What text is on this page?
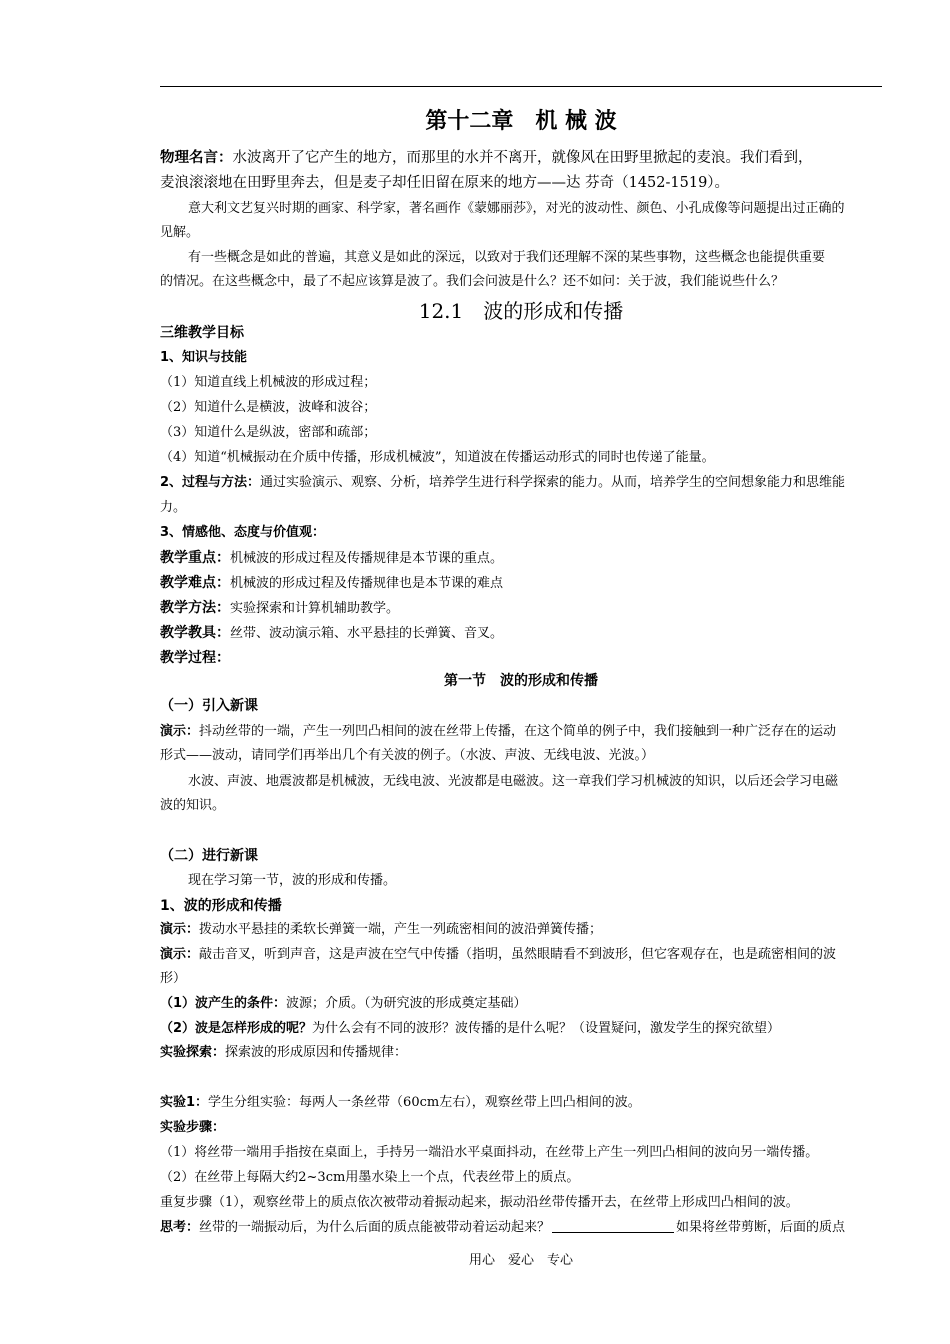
第十二章　机 械 波
物理名言：水波离开了它产生的地方，而那里的水并不离开，就像风在田野里掀起的麦浪。我们看到，
麦浪滚滚地在田野里奔去，但是麦子却任旧留在原来的地方——达 芬奇（1452-1519）。
意大利文艺复兴时期的画家、科学家，著名画作《蒙娜丽莎》，对光的波动性、颜色、小孔成像等问题提出过正确的
见解。
有一些概念是如此的普遍，其意义是如此的深远，以致对于我们还理解不深的某些事物，这些概念也能提供重要
的情况。在这些概念中，最了不起应该算是波了。我们会问波是什么？还不如问：关于波，我们能说些什么？
12.1　波的形成和传播
三维教学目标
1、知识与技能
（1）知道直线上机械波的形成过程；
（2）知道什么是横波，波峰和波谷；
（3）知道什么是纵波，密部和疏部；
（4）知道“机械振动在介质中传播，形成机械波”，知道波在传播运动形式的同时也传递了能量。
2、过程与方法：通过实验演示、观察、分析，培养学生进行科学探索的能力。从而，培养学生的空间想象能力和思维能
力。
3、情感他、态度与价值观：
教学重点：机械波的形成过程及传播规律是本节课的重点。
教学难点：机械波的形成过程及传播规律也是本节课的难点
教学方法：实验探索和计算机辅助教学。
教学教具：丝带、波动演示箱、水平悬挂的长弹簧、音叉。
教学过程：
第一节　波的形成和传播
（一）引入新课
演示：抖动丝带的一端，产生一列凹凸相间的波在丝带上传播，在这个简单的例子中，我们接触到一种广泛存在的运动
形式——波动，请同学们再举出几个有关波的例子。（水波、声波、无线电波、光波。）
水波、声波、地震波都是机械波，无线电波、光波都是电磁波。这一章我们学习机械波的知识，以后还会学习电磁
波的知识。
（二）进行新课
现在学习第一节，波的形成和传播。
1、波的形成和传播
演示：拨动水平悬挂的柔软长弹簧一端，产生一列疏密相间的波沿弹簧传播；
演示：敲击音叉，听到声音，这是声波在空气中传播（指明，虽然眼睛看不到波形，但它客观存在，也是疏密相间的波
形）
（1）波产生的条件：波源；介质。（为研究波的形成奠定基础）
（2）波是怎样形成的呢？为什么会有不同的波形？波传播的是什么呢？（设置疑问，激发学生的探究欲望）
实验探索：探索波的形成原因和传播规律：
实验1：学生分组实验：每两人一条丝带（60cm左右），观察丝带上凹凸相间的波。
实验步骤：
（1）将丝带一端用手指按在桌面上，手持另一端沿水平桌面抖动，在丝带上产生一列凹凸相间的波向另一端传播。
（2）在丝带上每隔大约2~3cm用墨水染上一个点，代表丝带上的质点。
重复步骤（1），观察丝带上的质点依次被带动着振动起来，振动沿丝带传播开去，在丝带上形成凹凸相间的波。
思考：丝带的一端振动后，为什么后面的质点能被带动着运动起来？	如果将丝带剪断，后面的质点
用心　爱心　专心
